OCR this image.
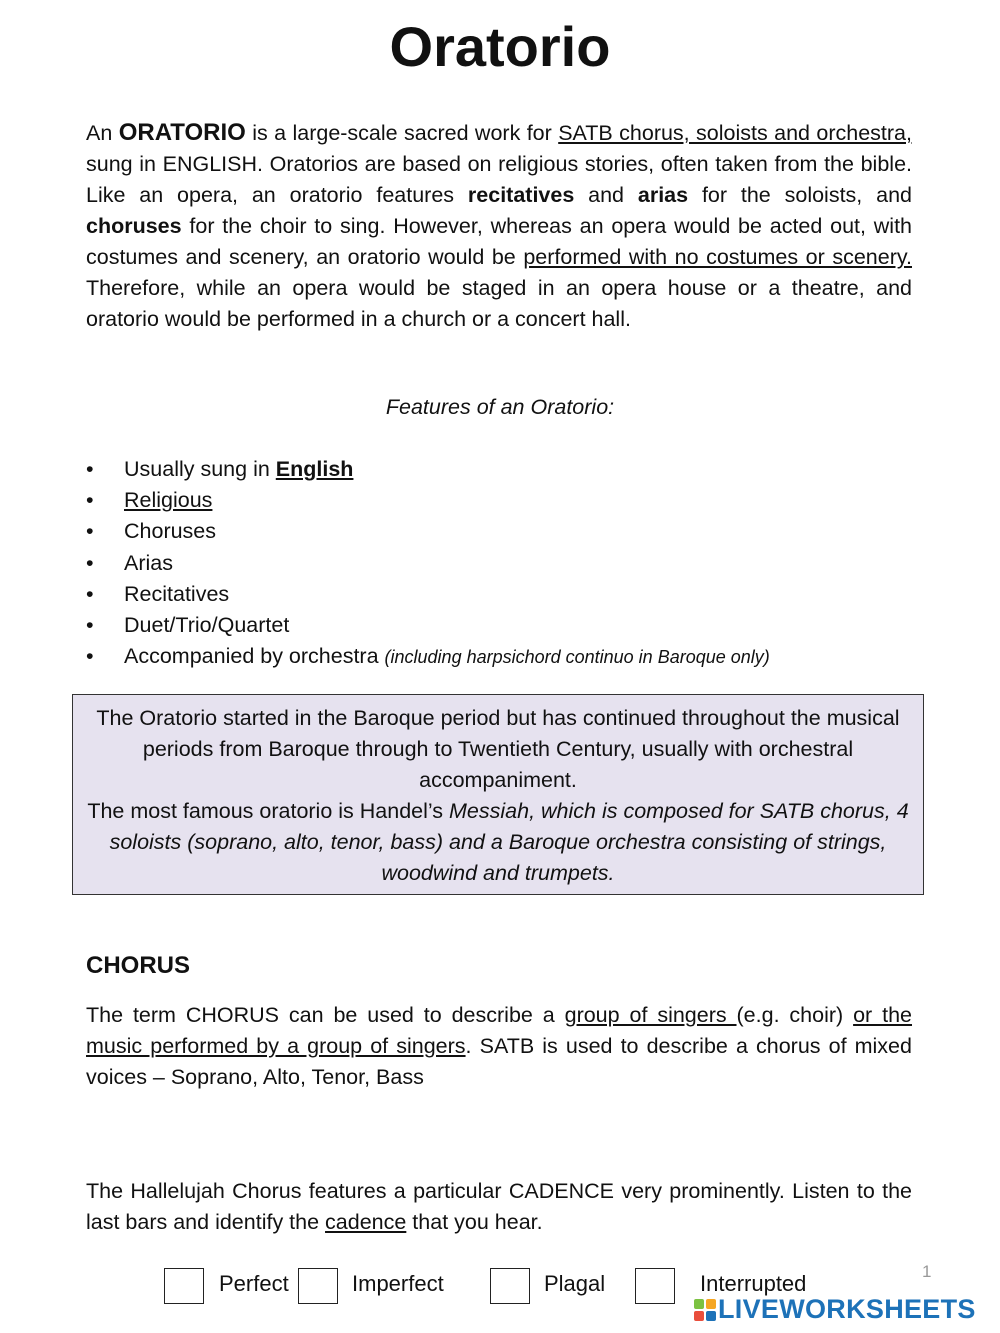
Oratorio
An ORATORIO is a large-scale sacred work for SATB chorus, soloists and orchestra, sung in ENGLISH. Oratorios are based on religious stories, often taken from the bible. Like an opera, an oratorio features recitatives and arias for the soloists, and choruses for the choir to sing. However, whereas an opera would be acted out, with costumes and scenery, an oratorio would be performed with no costumes or scenery. Therefore, while an opera would be staged in an opera house or a theatre, and oratorio would be performed in a church or a concert hall.
Features of an Oratorio:
• Usually sung in English
• Religious
• Choruses
• Arias
• Recitatives
• Duet/Trio/Quartet
• Accompanied by orchestra (including harpsichord continuo in Baroque only)
The Oratorio started in the Baroque period but has continued throughout the musical periods from Baroque through to Twentieth Century, usually with orchestral accompaniment.
The most famous oratorio is Handel’s Messiah, which is composed for SATB chorus, 4 soloists (soprano, alto, tenor, bass) and a Baroque orchestra consisting of strings, woodwind and trumpets.
CHORUS
The term CHORUS can be used to describe a group of singers (e.g. choir) or the music performed by a group of singers. SATB is used to describe a chorus of mixed voices – Soprano, Alto, Tenor, Bass
The Hallelujah Chorus features a particular CADENCE very prominently. Listen to the last bars and identify the cadence that you hear.
Perfect	Imperfect	Plagal	Interrupted	1
LIVEWORKSHEETS
